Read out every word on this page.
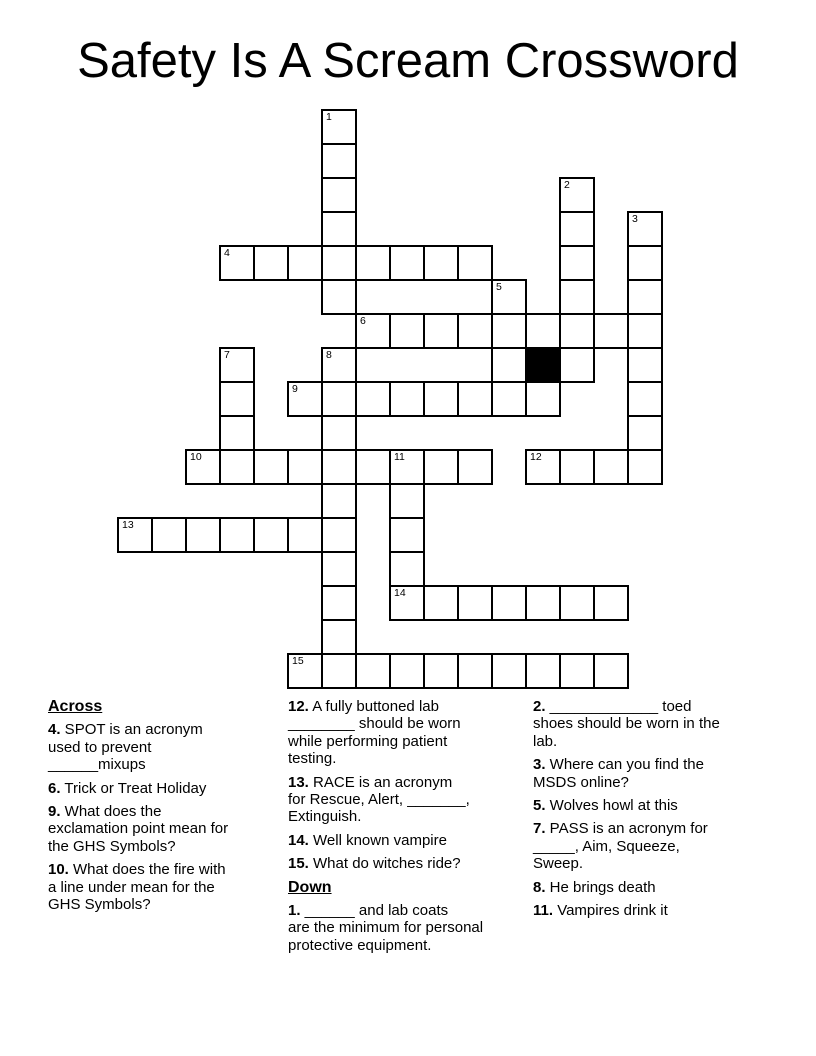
Safety Is A Scream Crossword
1
2
3
4
5
6
7	8
9
10	11	12
13
14
15
Across
4. SPOT is an acronym
used to prevent
______mixups
6. Trick or Treat Holiday
9. What does the
exclamation point mean for
the GHS Symbols?
10. What does the fire with
a line under mean for the
GHS Symbols?
12. A fully buttoned lab
________ should be worn
while performing patient
testing.
13. RACE is an acronym
for Rescue, Alert, _______,
Extinguish.
14. Well known vampire
15. What do witches ride?
Down
1. ______ and lab coats
are the minimum for personal
protective equipment.
2. _____________ toed
shoes should be worn in the
lab.
3. Where can you find the
MSDS online?
5. Wolves howl at this
7. PASS is an acronym for
_____, Aim, Squeeze,
Sweep.
8. He brings death
11. Vampires drink it
